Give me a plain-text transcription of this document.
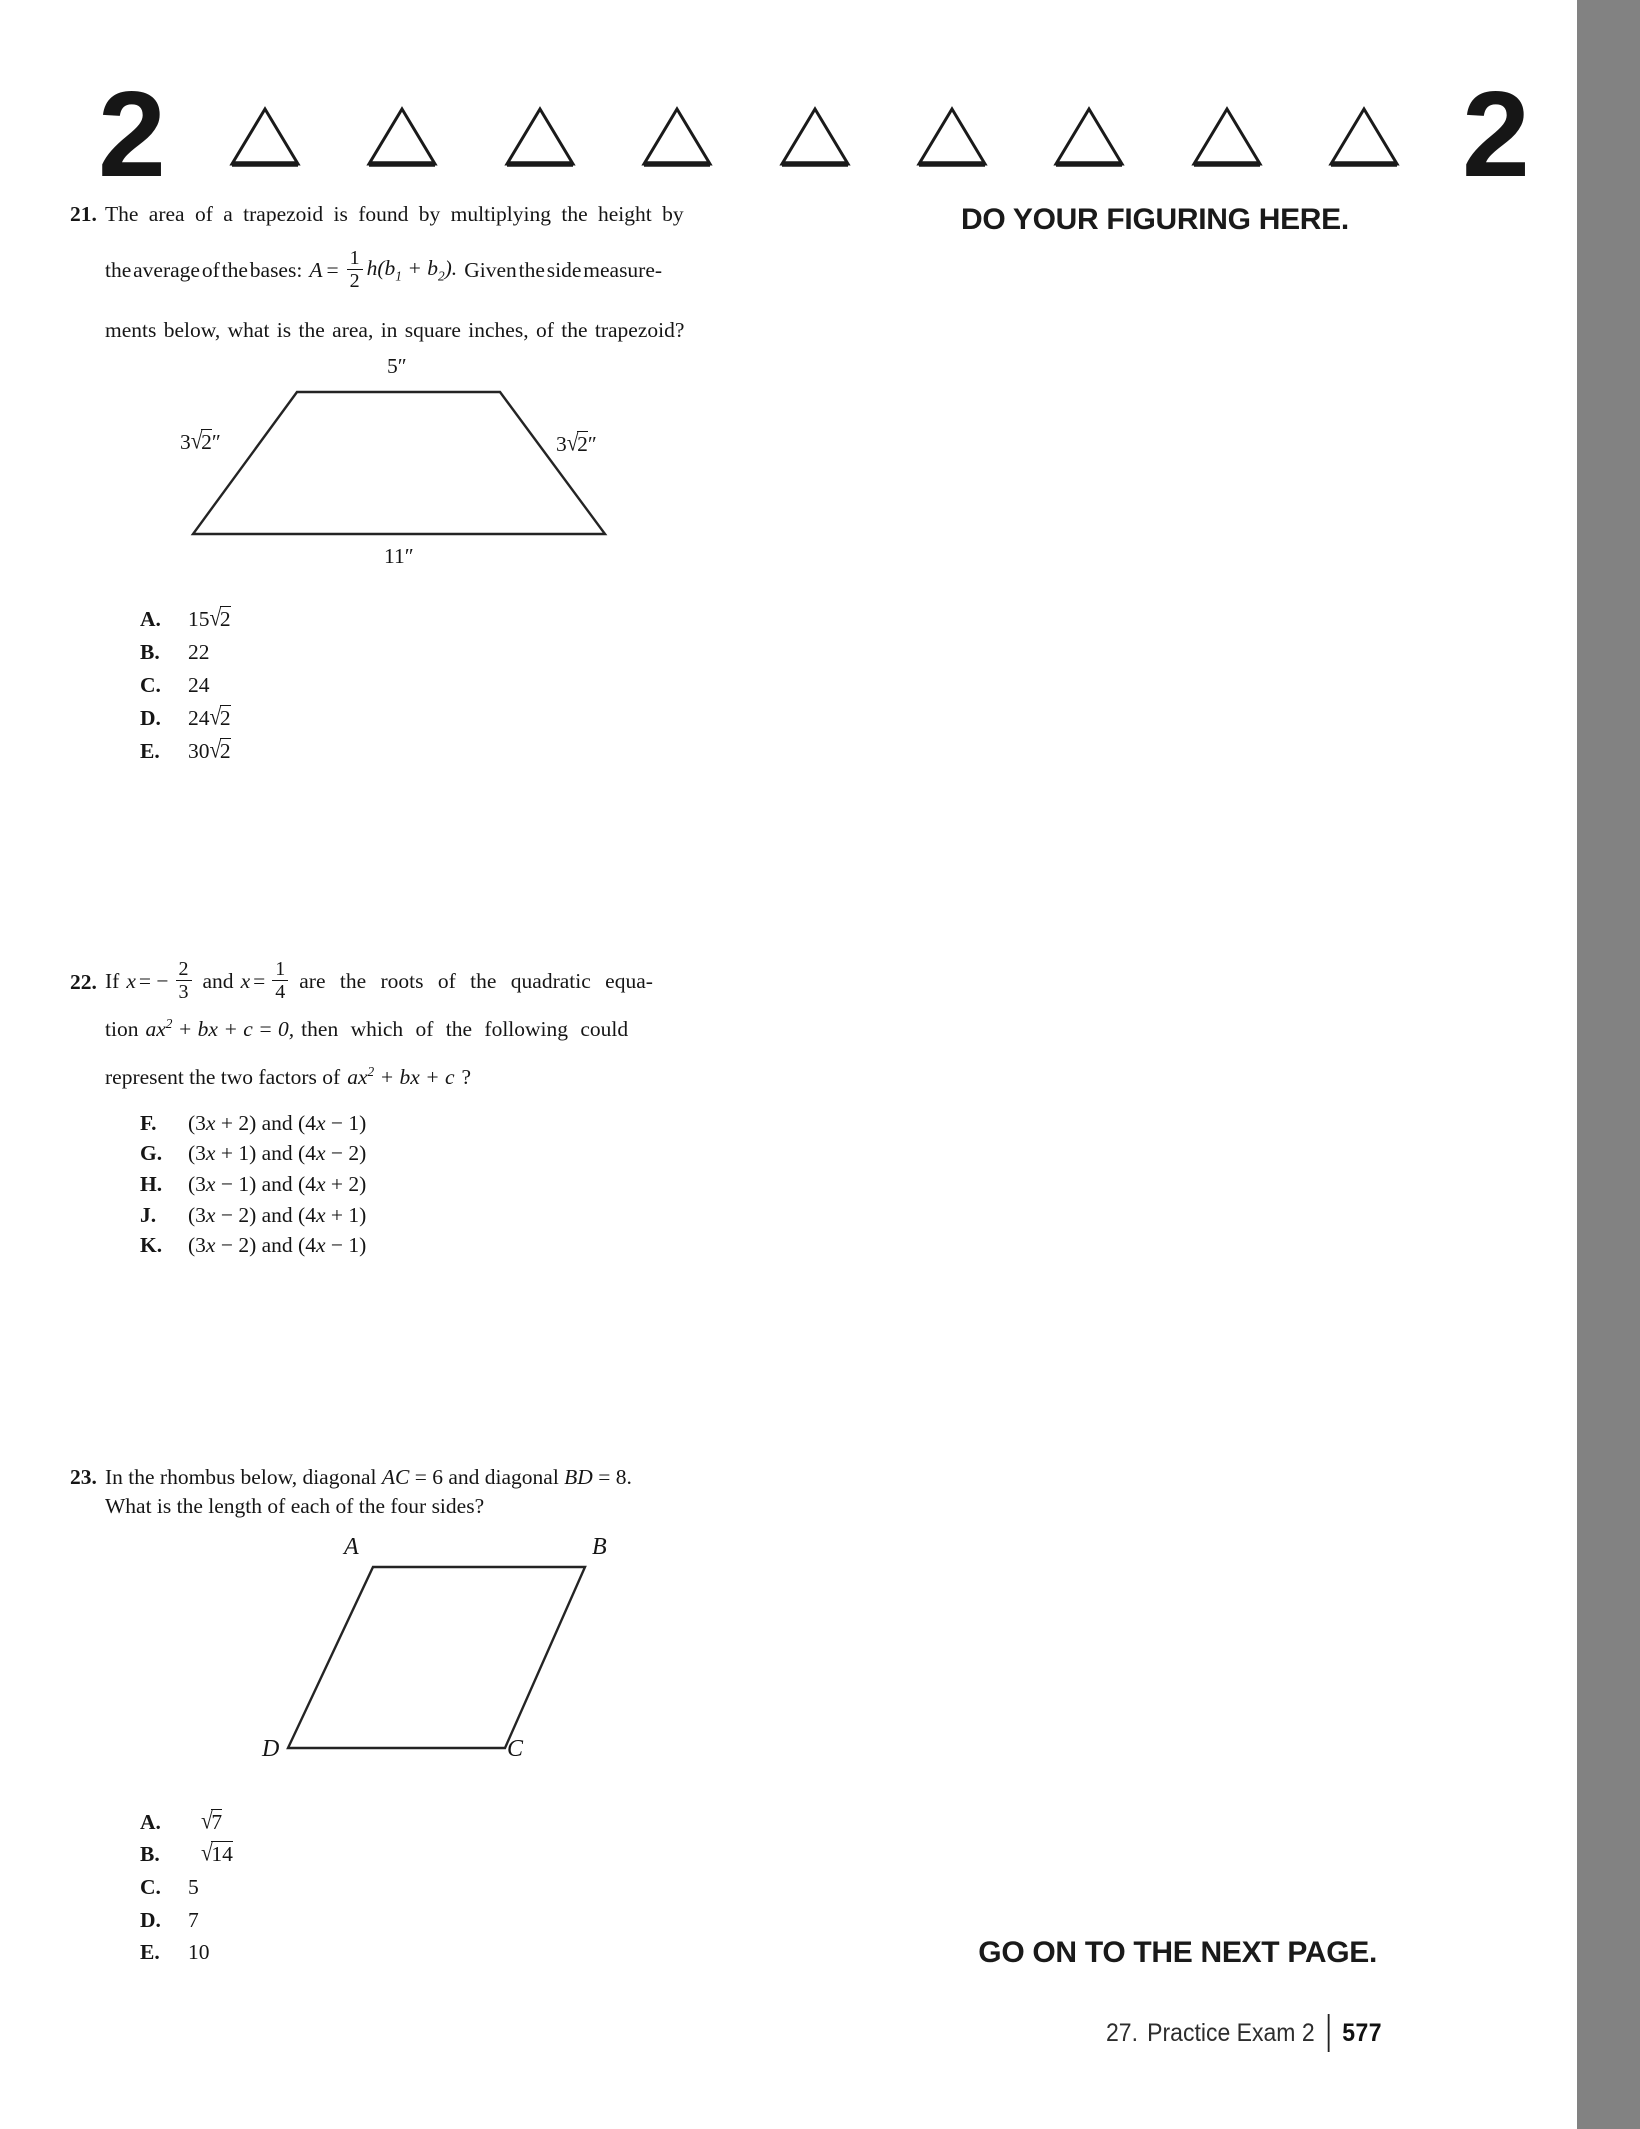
2	2
DO YOUR FIGURING HERE.
21. The area of a trapezoid is found by multiplying the height by
the average of the bases: $A = \frac{1}{2} h(b_1 + b_2)$. Given the side measure-
ments below, what is the area, in square inches, of the trapezoid?
5″
3√2″	3√2″
11″
A.	15√2
B.	22
C.	24
D.	24√2
E.	30√2
22. If x = − $\frac{2}{3}$ and $x = \frac{1}{4}$ are the roots of the quadratic equa-
tion $ax^2$ + bx + c = 0, then which of the following could
represent the two factors of $ax^2$ + bx + c ?
F.	(3x + 2) and (4x − 1)
G.	(3x + 1) and (4x − 2)
H.	(3x − 1) and (4x + 2)
J.	(3x − 2) and (4x + 1)
K.	(3x − 2) and (4x − 1)
23. In the rhombus below, diagonal AC = 6 and diagonal BD = 8.
What is the length of each of the four sides?
A	B
C
D
A.	√7
B.	√14
C.	5
D.	7
E.	10	GO ON TO THE NEXT PAGE.
27. Practice Exam 2 577
